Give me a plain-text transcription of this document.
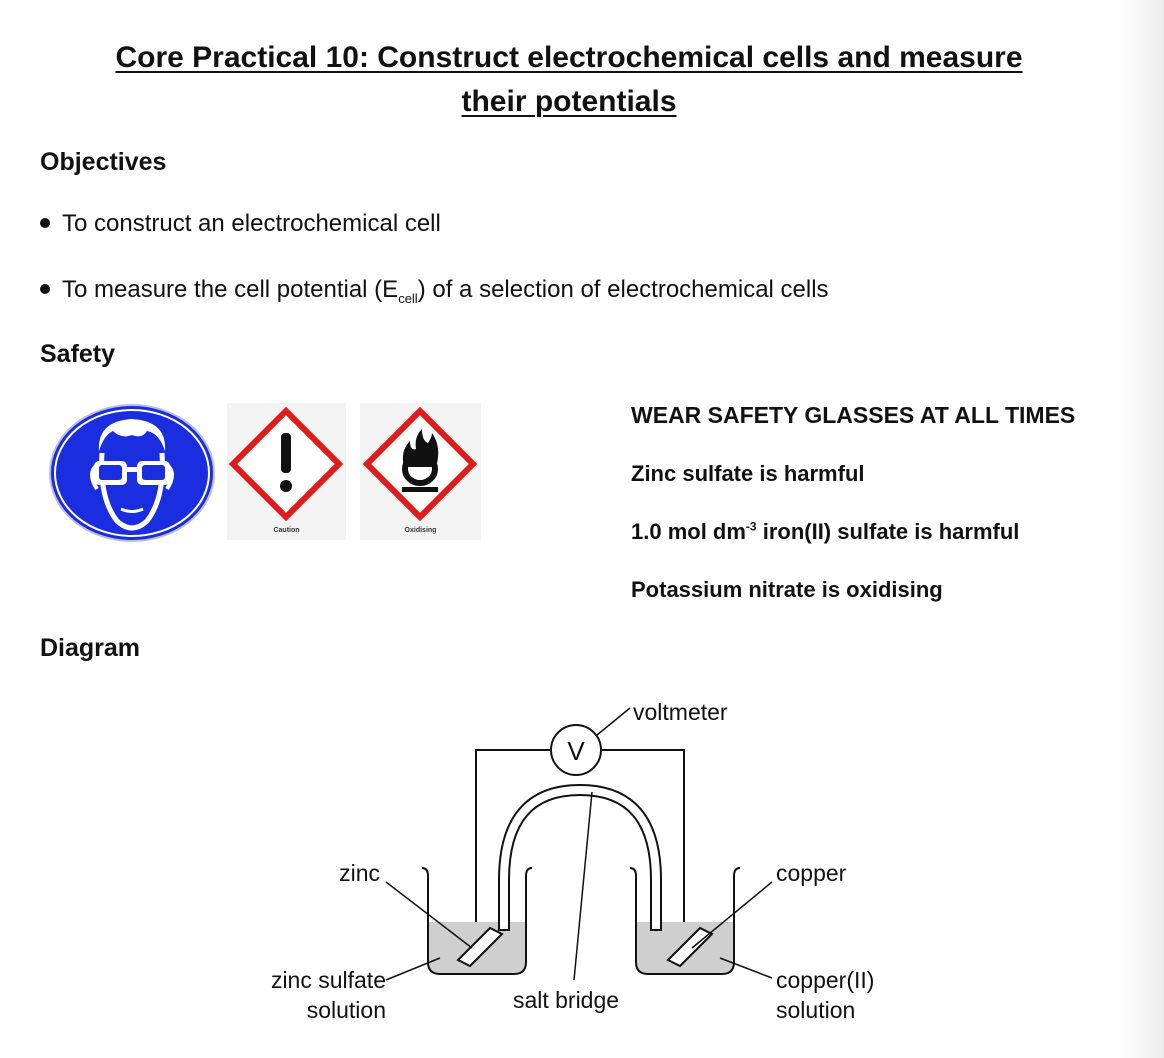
Core Practical 10: Construct electrochemical cells and measure
their potentials
Objectives
To construct an electrochemical cell
To measure the cell potential $(E_{cell})$ of a selection of electrochemical cells
Safety
Caution	Oxidising
WEAR SAFETY GLASSES AT ALL TIMES
Zinc sulfate is harmful
1.0 mol $dm^{-3}$ iron(II) sulfate is harmful
Potassium nitrate is oxidising
Diagram
V
voltmeter
zinc	copper
zinc sulfate
solution	salt bridge
copper(II)
solution
